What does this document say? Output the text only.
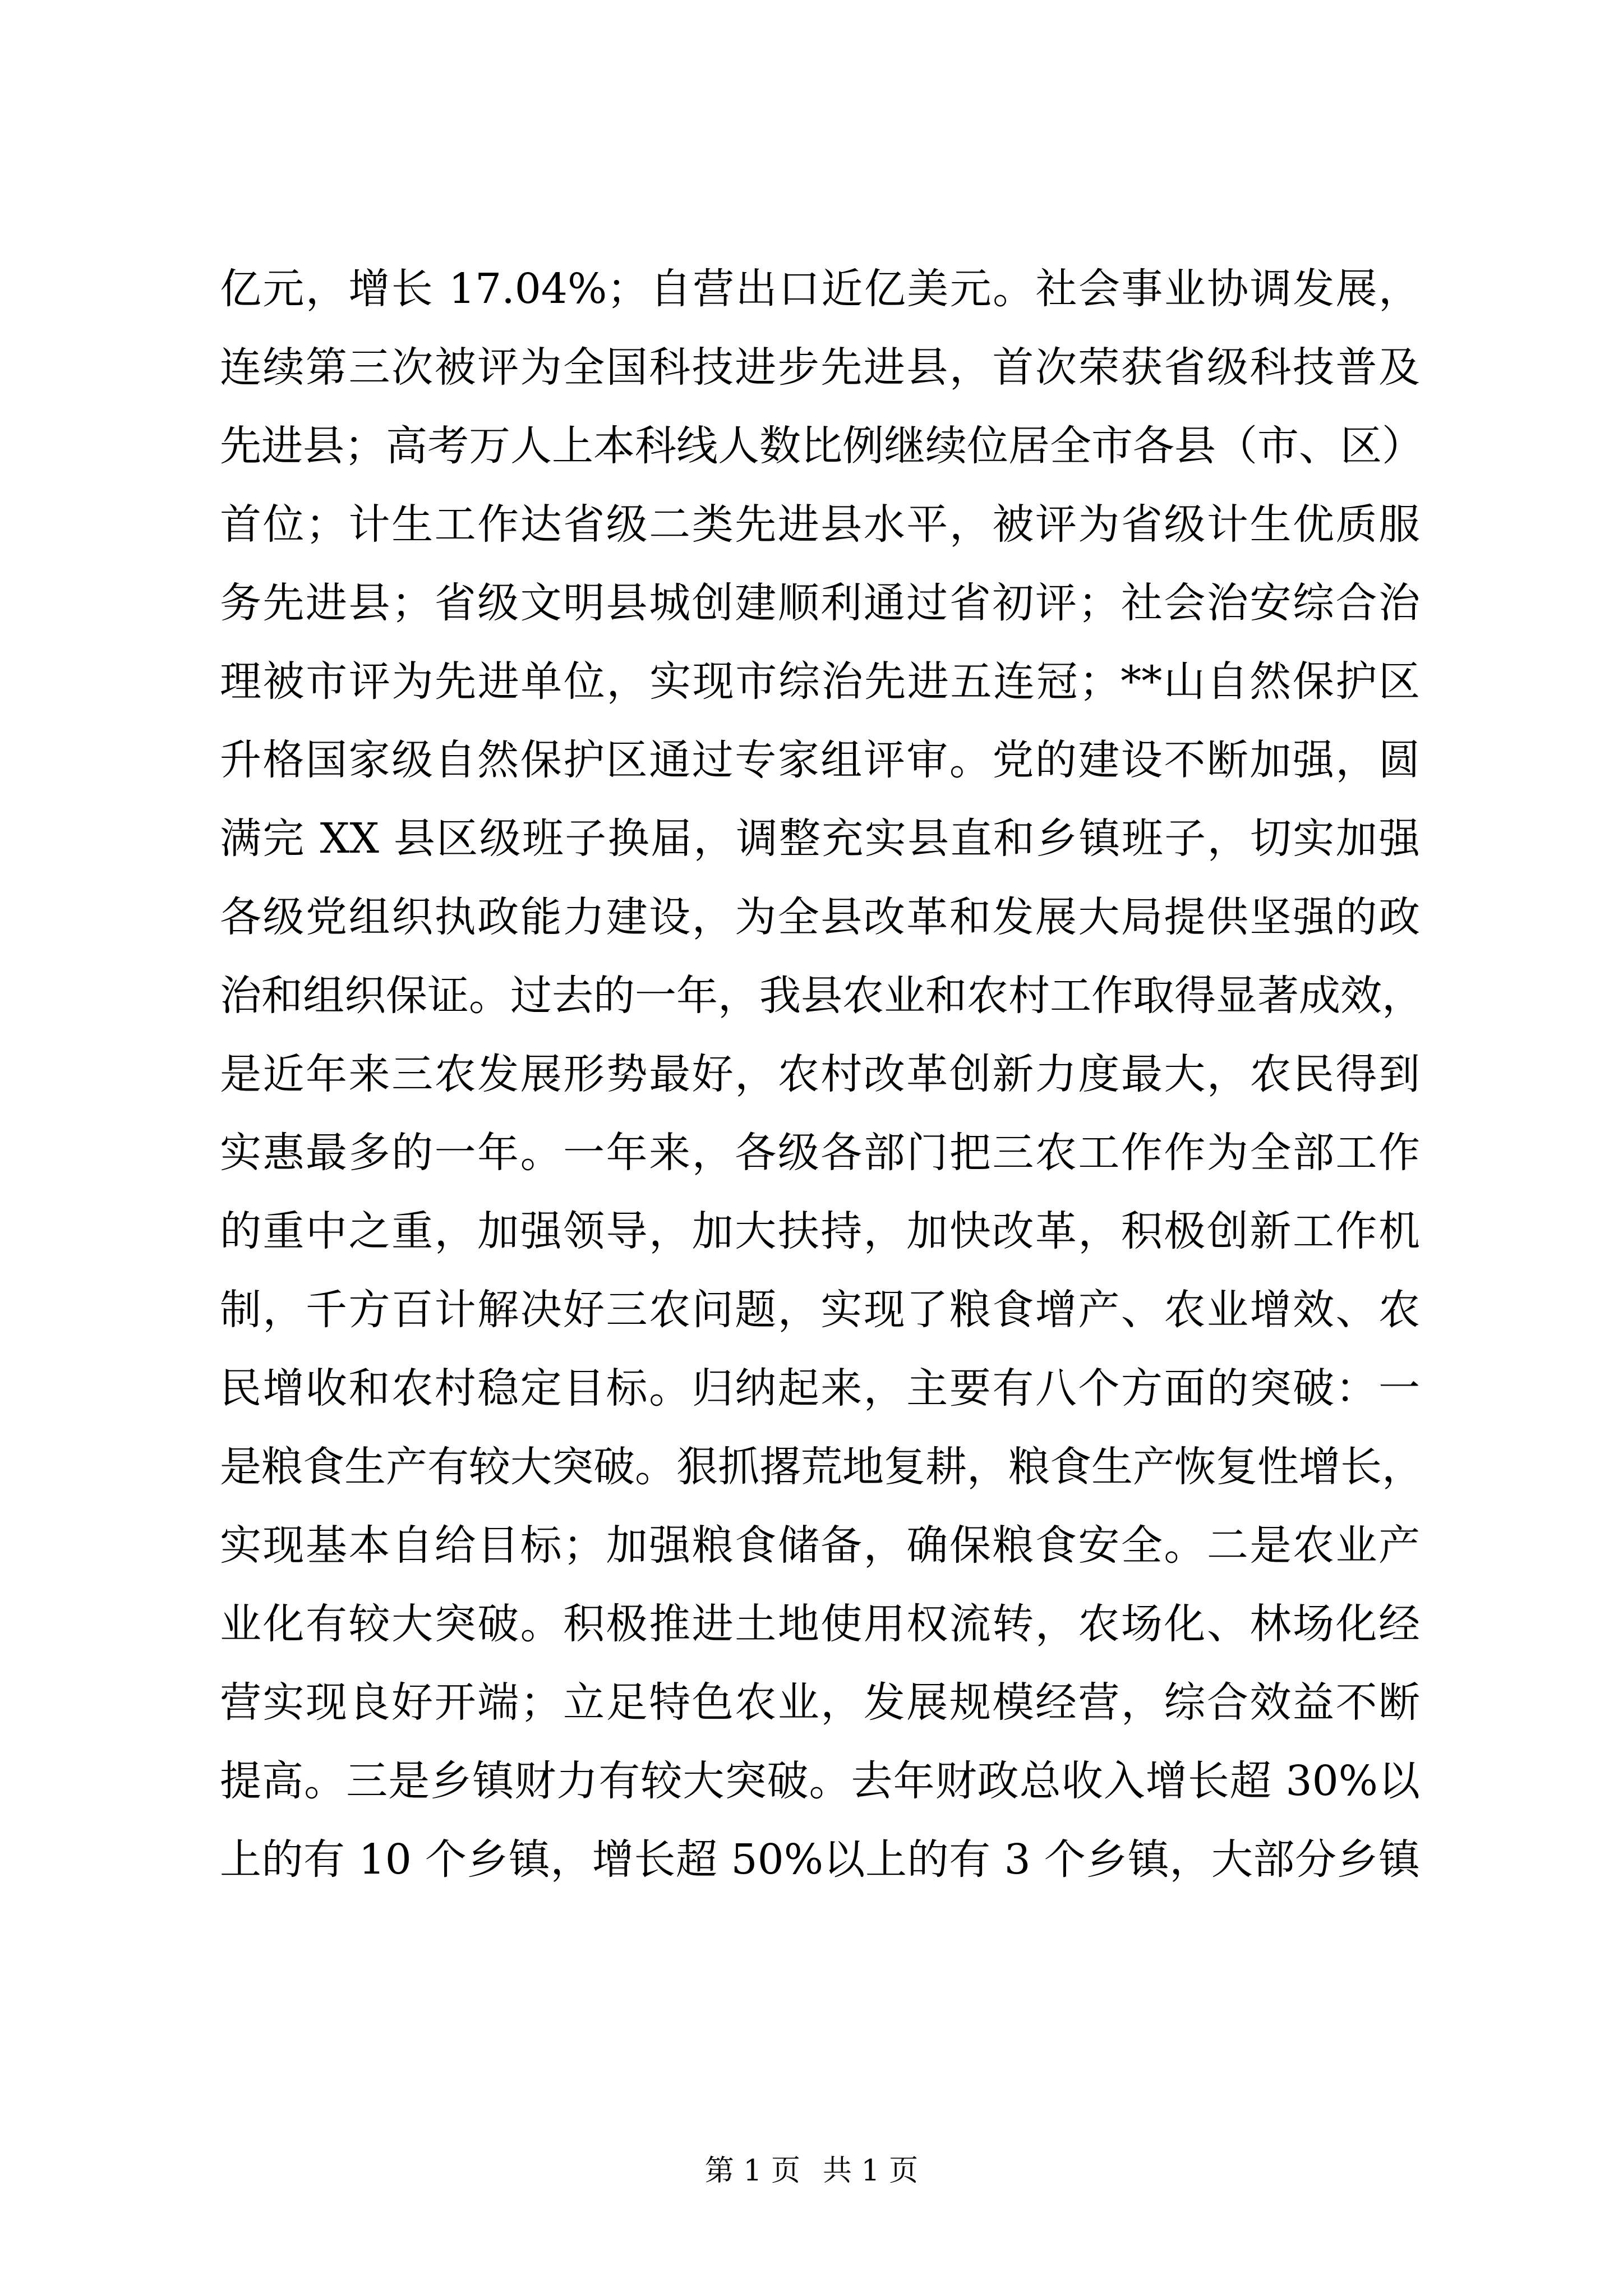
亿元，增长 17.04%；自营出口近亿美元。社会事业协调发展，
连续第三次被评为全国科技进步先进县，首次荣获省级科技普及
先进县；高考万人上本科线人数比例继续位居全市各县（市、区）
首位；计生工作达省级二类先进县水平，被评为省级计生优质服
务先进县；省级文明县城创建顺利通过省初评；社会治安综合治
理被市评为先进单位，实现市综治先进五连冠；**山自然保护区
升格国家级自然保护区通过专家组评审。党的建设不断加强，圆
满完 XX 县区级班子换届，调整充实县直和乡镇班子，切实加强
各级党组织执政能力建设，为全县改革和发展大局提供坚强的政
治和组织保证。过去的一年，我县农业和农村工作取得显著成效，
是近年来三农发展形势最好，农村改革创新力度最大，农民得到
实惠最多的一年。一年来，各级各部门把三农工作作为全部工作
的重中之重，加强领导，加大扶持，加快改革，积极创新工作机
制，千方百计解决好三农问题，实现了粮食增产、农业增效、农
民增收和农村稳定目标。归纳起来，主要有八个方面的突破：一
是粮食生产有较大突破。狠抓撂荒地复耕，粮食生产恢复性增长，
实现基本自给目标；加强粮食储备，确保粮食安全。二是农业产
业化有较大突破。积极推进土地使用权流转，农场化、林场化经
营实现良好开端；立足特色农业，发展规模经营，综合效益不断
提高。三是乡镇财力有较大突破。去年财政总收入增长超 30%以
上的有 10 个乡镇，增长超 50%以上的有 3 个乡镇，大部分乡镇
第 1 页 共 1 页
